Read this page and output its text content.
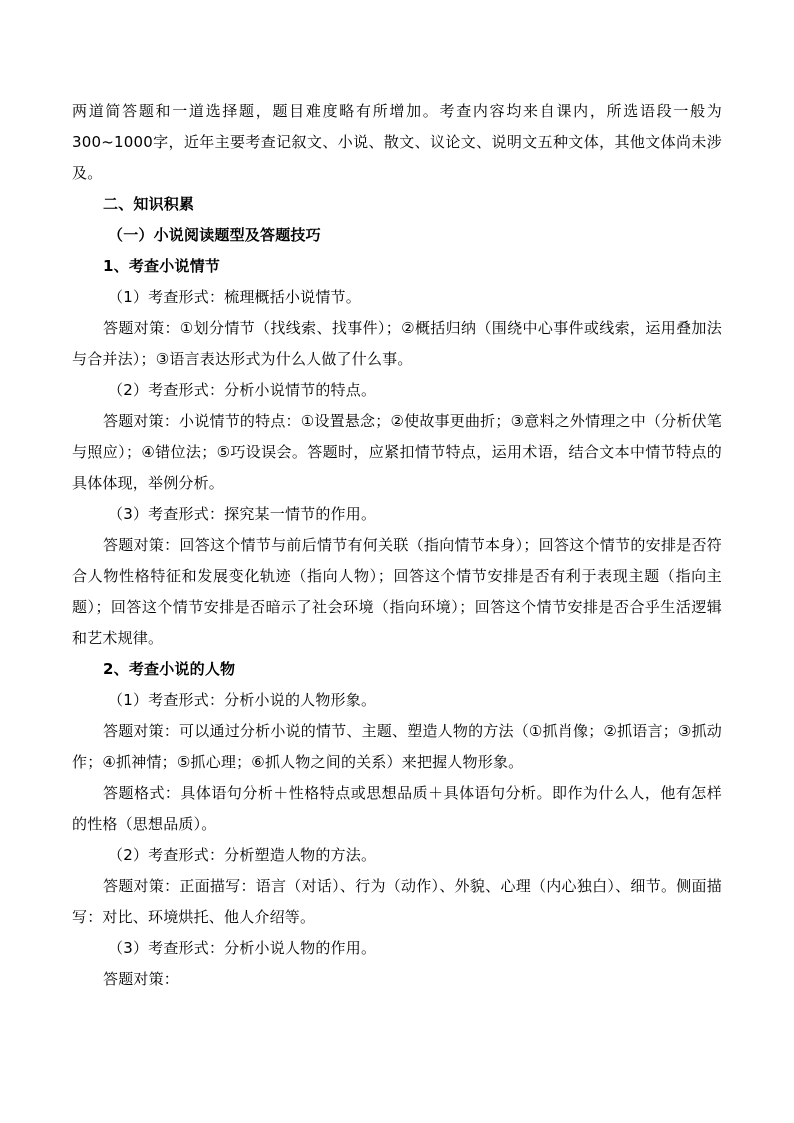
两道简答题和一道选择题，题目难度略有所增加。考查内容均来自课内，所选语段一般为300~1000字，近年主要考查记叙文、小说、散文、议论文、说明文五种文体，其他文体尚未涉及。

二、知识积累

（一）小说阅读题型及答题技巧

1、考查小说情节

（1）考查形式：梳理概括小说情节。

答题对策：①划分情节（找线索、找事件）；②概括归纳（围绕中心事件或线索，运用叠加法与合并法）；③语言表达形式为什么人做了什么事。

（2）考查形式：分析小说情节的特点。

答题对策：小说情节的特点：①设置悬念；②使故事更曲折；③意料之外情理之中（分析伏笔与照应）；④错位法；⑤巧设误会。答题时，应紧扣情节特点，运用术语，结合文本中情节特点的具体体现，举例分析。

（3）考查形式：探究某一情节的作用。

答题对策：回答这个情节与前后情节有何关联（指向情节本身）；回答这个情节的安排是否符合人物性格特征和发展变化轨迹（指向人物）；回答这个情节安排是否有利于表现主题（指向主题）；回答这个情节安排是否暗示了社会环境（指向环境）；回答这个情节安排是否合乎生活逻辑和艺术规律。

2、考查小说的人物

（1）考查形式：分析小说的人物形象。

答题对策：可以通过分析小说的情节、主题、塑造人物的方法（①抓肖像；②抓语言；③抓动作；④抓神情；⑤抓心理；⑥抓人物之间的关系）来把握人物形象。

答题格式：具体语句分析＋性格特点或思想品质＋具体语句分析。即作为什么人，他有怎样的性格（思想品质）。

（2）考查形式：分析塑造人物的方法。

答题对策：正面描写：语言（对话）、行为（动作）、外貌、心理（内心独白）、细节。侧面描写：对比、环境烘托、他人介绍等。

（3）考查形式：分析小说人物的作用。

答题对策：
